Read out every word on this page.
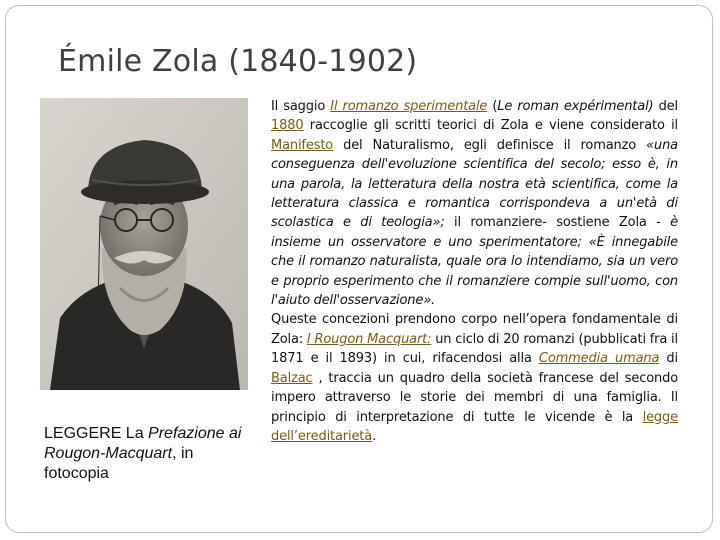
Émile Zola (1840-1902)
LEGGERE La Prefazione ai Rougon-Macquart, in fotocopia

Il saggio Il romanzo sperimentale (Le roman expérimental) del 1880 raccoglie gli scritti teorici di Zola e viene considerato il Manifesto del Naturalismo, egli definisce il romanzo «una conseguenza dell'evoluzione scientifica del secolo; esso è, in una parola, la letteratura della nostra età scientifica, come la letteratura classica e romantica corrispondeva a un'età di scolastica e di teologia»; il romanziere- sostiene Zola - è insieme un osservatore e uno sperimentatore; «È innegabile che il romanzo naturalista, quale ora lo intendiamo, sia un vero e proprio esperimento che il romanziere compie sull'uomo, con l'aiuto dell'osservazione».

Queste concezioni prendono corpo nell’opera fondamentale di Zola: I Rougon Macquart: un ciclo di 20 romanzi (pubblicati fra il 1871 e il 1893) in cui, rifacendosi alla Commedia umana di Balzac , traccia un quadro della società francese del secondo impero attraverso le storie dei membri di una famiglia. Il principio di interpretazione di tutte le vicende è la legge dell’ereditarietà.
